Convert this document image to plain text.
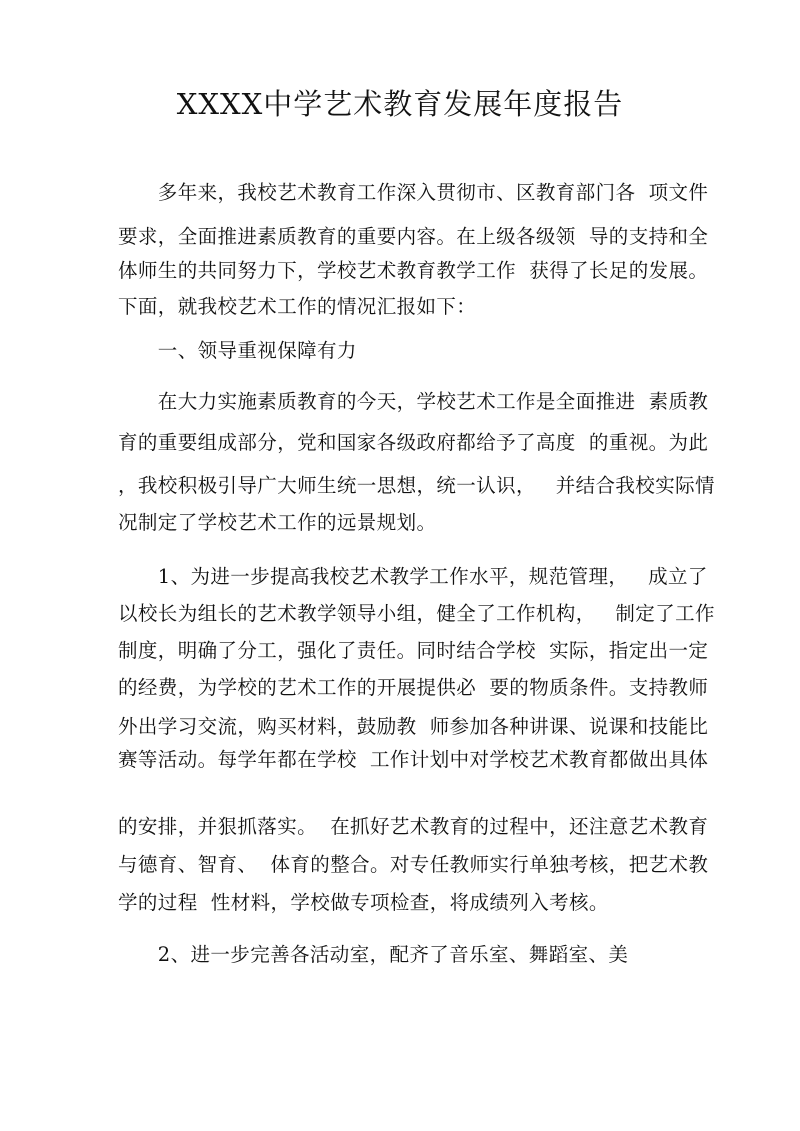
XXXX中学艺术教育发展年度报告
　　多年来，我校艺术教育工作深入贯彻市、区教育部门各  项文件
要求，全面推进素质教育的重要内容。在上级各级领  导的支持和全
体师生的共同努力下，学校艺术教育教学工作  获得了长足的发展。
下面，就我校艺术工作的情况汇报如下：
　　一、领导重视保障有力
　　在大力实施素质教育的今天，学校艺术工作是全面推进  素质教
育的重要组成部分，党和国家各级政府都给予了高度  的重视。为此
，我校积极引导广大师生统一思想，统一认识，   并结合我校实际情
况制定了学校艺术工作的远景规划。
　　1、为进一步提高我校艺术教学工作水平，规范管理，   成立了
以校长为组长的艺术教学领导小组，健全了工作机构，   制定了工作
制度，明确了分工，强化了责任。同时结合学校  实际，指定出一定
的经费，为学校的艺术工作的开展提供必  要的物质条件。支持教师
外出学习交流，购买材料，鼓励教  师参加各种讲课、说课和技能比
赛等活动。每学年都在学校  工作计划中对学校艺术教育都做出具体
的安排，并狠抓落实。  在抓好艺术教育的过程中，还注意艺术教育
与德育、智育、  体育的整合。对专任教师实行单独考核，把艺术教
学的过程  性材料，学校做专项检查，将成绩列入考核。
　　2、进一步完善各活动室，配齐了音乐室、舞蹈室、美
